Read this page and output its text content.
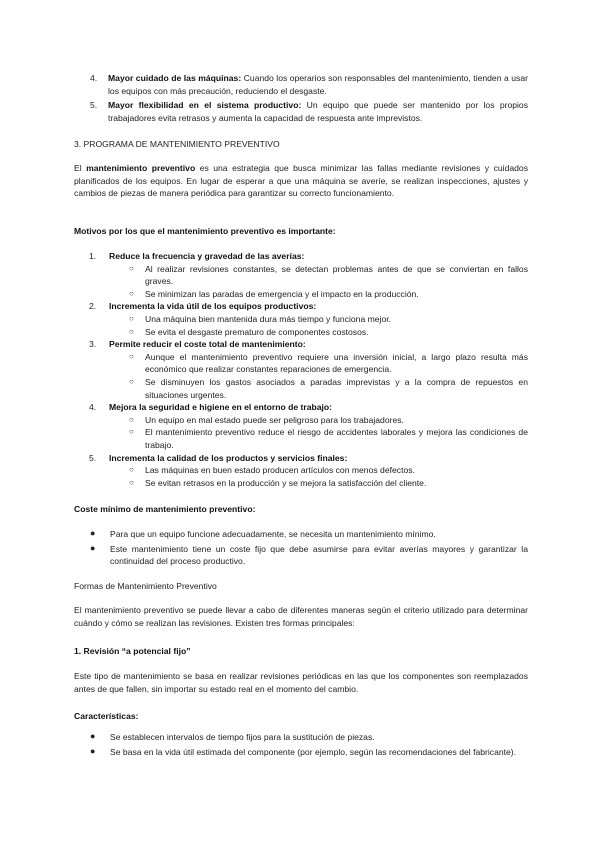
4. Mayor cuidado de las máquinas: Cuando los operarios son responsables del mantenimiento, tienden a usar los equipos con más precaución, reduciendo el desgaste.
5. Mayor flexibilidad en el sistema productivo: Un equipo que puede ser mantenido por los propios trabajadores evita retrasos y aumenta la capacidad de respuesta ante imprevistos.
3. PROGRAMA DE MANTENIMIENTO PREVENTIVO

El mantenimiento preventivo es una estrategia que busca minimizar las fallas mediante revisiones y cuidados planificados de los equipos. En lugar de esperar a que una máquina se averíe, se realizan inspecciones, ajustes y cambios de piezas de manera periódica para garantizar su correcto funcionamiento.

Motivos por los que el mantenimiento preventivo es importante:
1. Reduce la frecuencia y gravedad de las averías:
○ Al realizar revisiones constantes, se detectan problemas antes de que se conviertan en fallos graves.
○ Se minimizan las paradas de emergencia y el impacto en la producción.
2. Incrementa la vida útil de los equipos productivos:
○ Una máquina bien mantenida dura más tiempo y funciona mejor.
○ Se evita el desgaste prematuro de componentes costosos.
3. Permite reducir el coste total de mantenimiento:
○ Aunque el mantenimiento preventivo requiere una inversión inicial, a largo plazo resulta más económico que realizar constantes reparaciones de emergencia.
○ Se disminuyen los gastos asociados a paradas imprevistas y a la compra de repuestos en situaciones urgentes.
4. Mejora la seguridad e higiene en el entorno de trabajo:
○ Un equipo en mal estado puede ser peligroso para los trabajadores.
○ El mantenimiento preventivo reduce el riesgo de accidentes laborales y mejora las condiciones de trabajo.
5. Incrementa la calidad de los productos y servicios finales:
○ Las máquinas en buen estado producen artículos con menos defectos.
○ Se evitan retrasos en la producción y se mejora la satisfacción del cliente.
Coste mínimo de mantenimiento preventivo:
● Para que un equipo funcione adecuadamente, se necesita un mantenimiento mínimo.
● Este mantenimiento tiene un coste fijo que debe asumirse para evitar averías mayores y garantizar la continuidad del proceso productivo.
Formas de Mantenimiento Preventivo

El mantenimiento preventivo se puede llevar a cabo de diferentes maneras según el criterio utilizado para determinar cuándo y cómo se realizan las revisiones. Existen tres formas principales:

1. Revisión “a potencial fijo”

Este tipo de mantenimiento se basa en realizar revisiones periódicas en las que los componentes son reemplazados antes de que fallen, sin importar su estado real en el momento del cambio.

Características:
● Se establecen intervalos de tiempo fijos para la sustitución de piezas.
● Se basa en la vida útil estimada del componente (por ejemplo, según las recomendaciones del fabricante).
